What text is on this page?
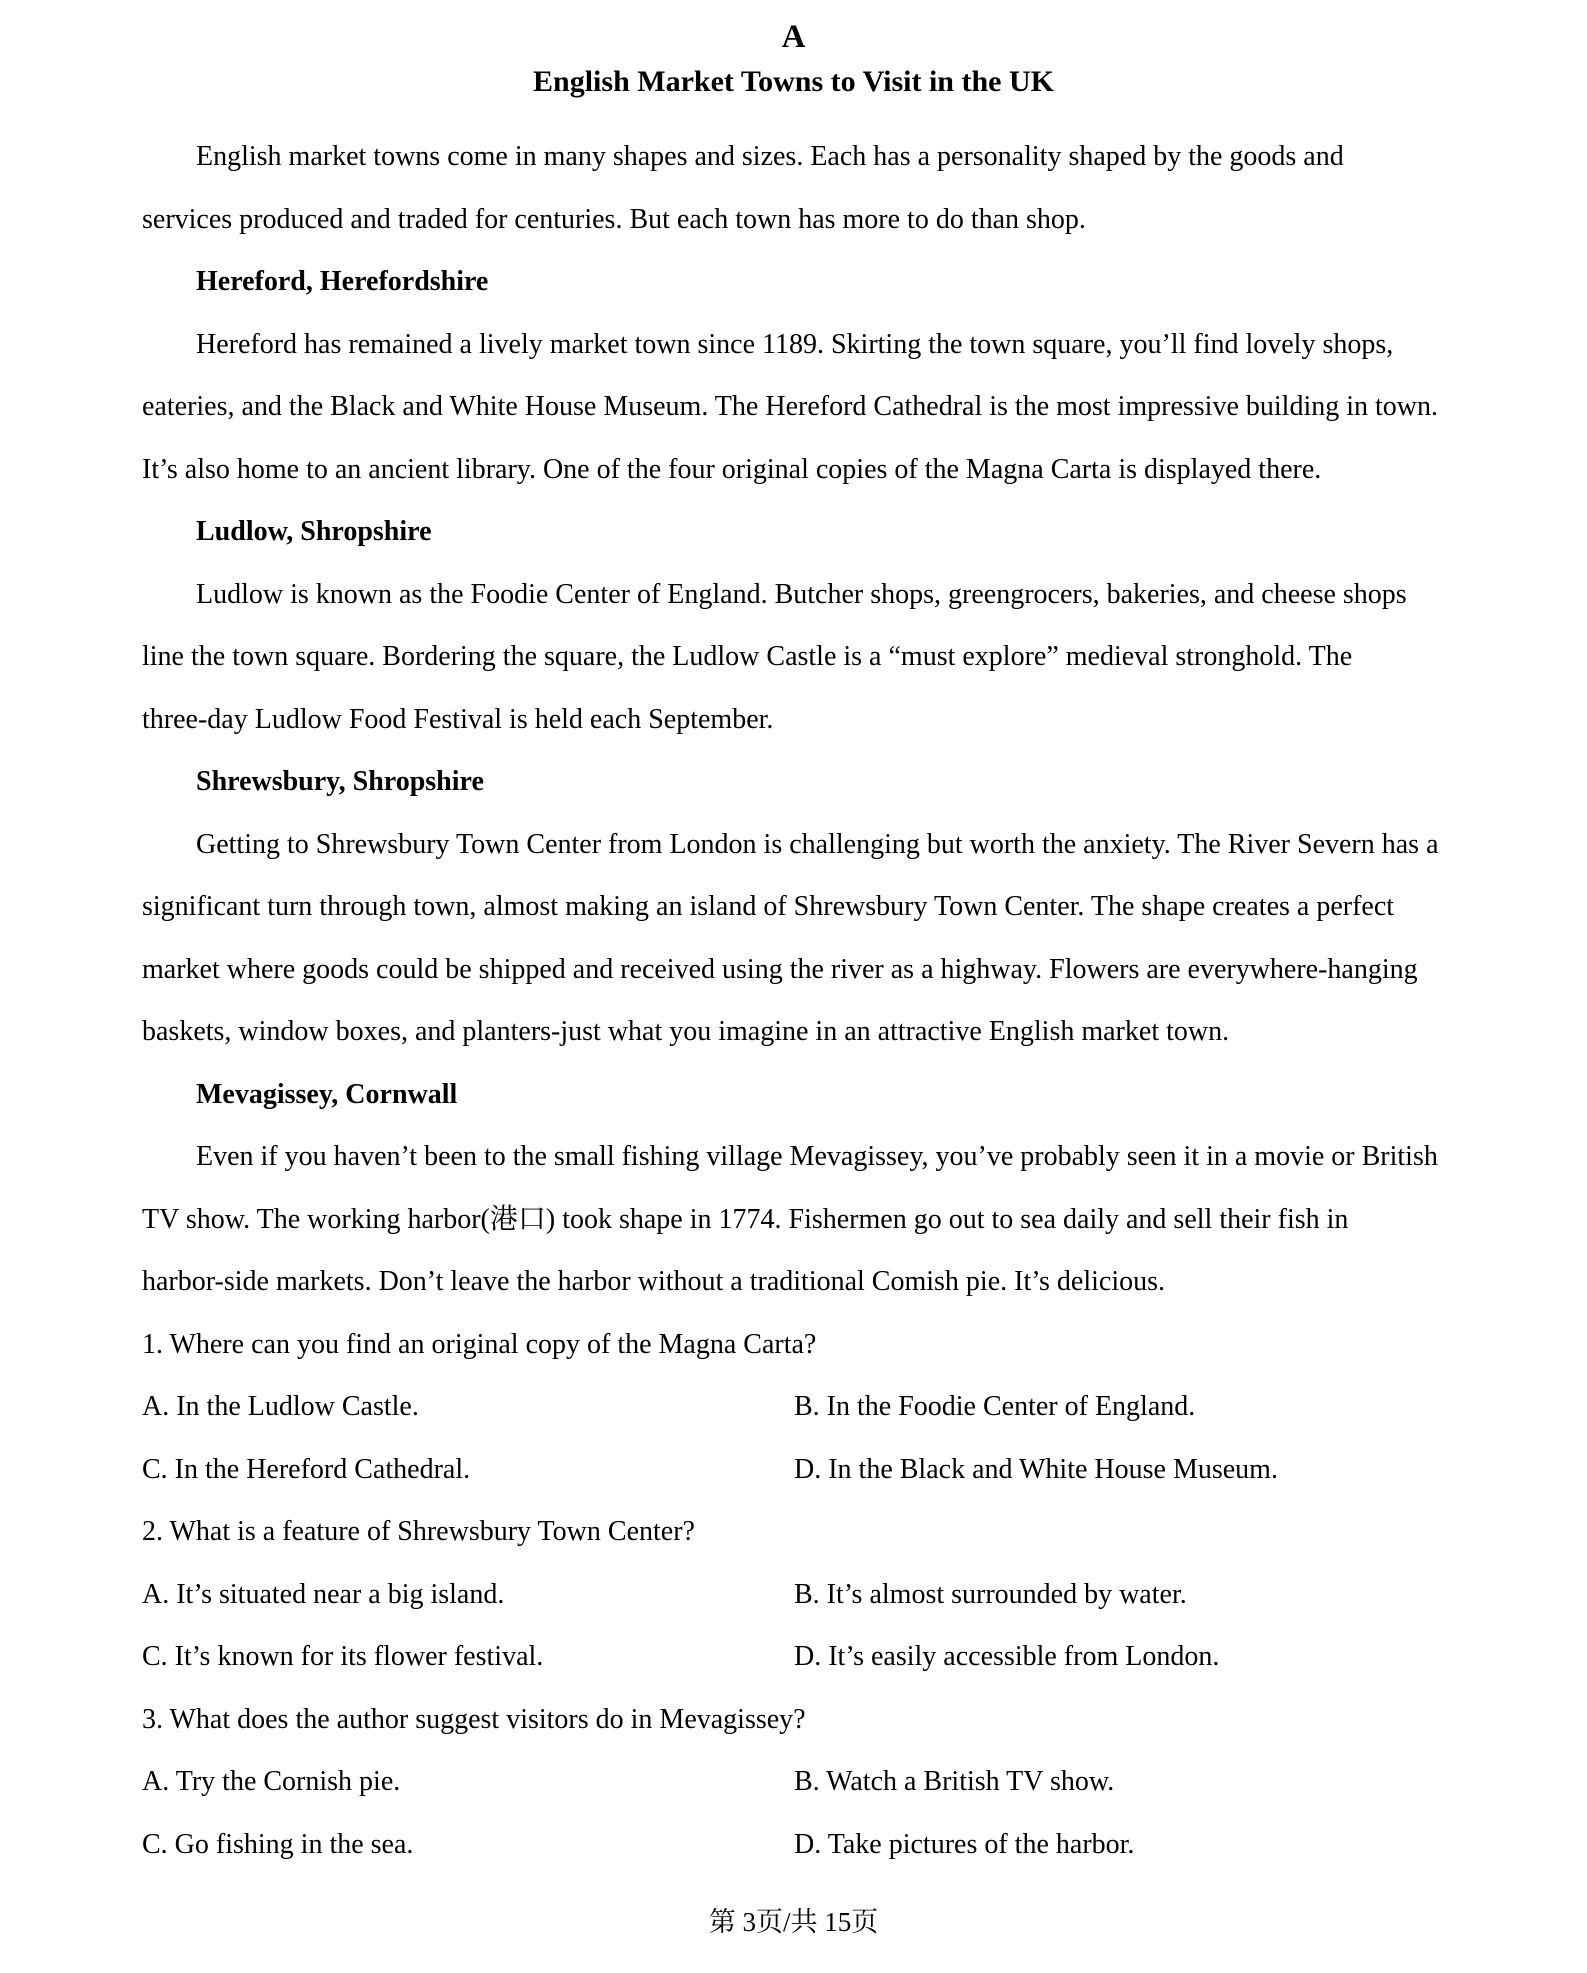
A
English Market Towns to Visit in the UK
English market towns come in many shapes and sizes. Each has a personality shaped by the goods and
services produced and traded for centuries. But each town has more to do than shop.
Hereford, Herefordshire
Hereford has remained a lively market town since 1189. Skirting the town square, you’ll find lovely shops,
eateries, and the Black and White House Museum. The Hereford Cathedral is the most impressive building in town.
It’s also home to an ancient library. One of the four original copies of the Magna Carta is displayed there.
Ludlow, Shropshire
Ludlow is known as the Foodie Center of England. Butcher shops, greengrocers, bakeries, and cheese shops
line the town square. Bordering the square, the Ludlow Castle is a “must explore” medieval stronghold. The
three-day Ludlow Food Festival is held each September.
Shrewsbury, Shropshire
Getting to Shrewsbury Town Center from London is challenging but worth the anxiety. The River Severn has a
significant turn through town, almost making an island of Shrewsbury Town Center. The shape creates a perfect
market where goods could be shipped and received using the river as a highway. Flowers are everywhere-hanging
baskets, window boxes, and planters-just what you imagine in an attractive English market town.
Mevagissey, Cornwall
Even if you haven’t been to the small fishing village Mevagissey, you’ve probably seen it in a movie or British
TV show. The working harbor(港口) took shape in 1774. Fishermen go out to sea daily and sell their fish in
harbor-side markets. Don’t leave the harbor without a traditional Comish pie. It’s delicious.
1. Where can you find an original copy of the Magna Carta?
A. In the Ludlow Castle.	B. In the Foodie Center of England.
C. In the Hereford Cathedral.	D. In the Black and White House Museum.
2. What is a feature of Shrewsbury Town Center?
A. It’s situated near a big island.	B. It’s almost surrounded by water.
C. It’s known for its flower festival.	D. It’s easily accessible from London.
3. What does the author suggest visitors do in Mevagissey?
A. Try the Cornish pie.	B. Watch a British TV show.
C. Go fishing in the sea.	D. Take pictures of the harbor.
第 3页/共 15页
